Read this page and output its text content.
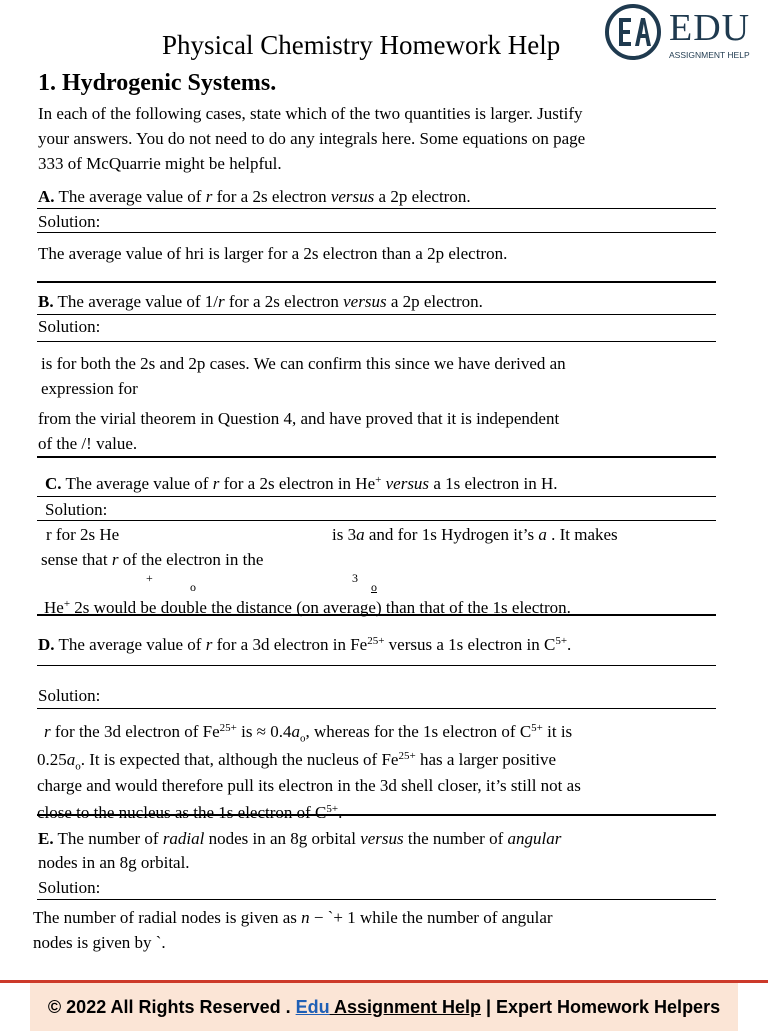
Physical Chemistry Homework Help	EDU
ASSIGNMENT HELP
1. Hydrogenic Systems.
In each of the following cases, state which of the two quantities is larger. Justify
your answers. You do not need to do any integrals here. Some equations on page
333 of McQuarrie might be helpful.
A. The average value of r for a 2s electron versus a 2p electron.
Solution:
The average value of hri is larger for a 2s electron than a 2p electron.
B. The average value of 1/r for a 2s electron versus a 2p electron.
Solution:
is for both the 2s and 2p cases. We can confirm this since we have derived an
expression for
from the virial theorem in Question 4, and have proved that it is independent
of the /! value.
C. The average value of r for a 2s electron in He+ versus a 1s electron in H.
Solution:
r for 2s He	is 3a and for 1s Hydrogen it’s a . It makes
sense that r of the electron in the
+
o
3
o
He+ 2s would be double the distance (on average) than that of the 1s electron.
D. The average value of r for a 3d electron in $Fe^{25+}$ versus a 1s electron in $C^{5+}$.
Solution:
r for the 3d electron of $Fe^{25+}$ is ≈ $0.4a_o$, whereas for the 1s electron of $C^{5+}$ it is
$0.25a_o$. It is expected that, although the nucleus of $Fe^{25+}$ has a larger positive
charge and would therefore pull its electron in the 3d shell closer, it’s still not as
close to the nucleus as the 1s electron of $C^{5+}$.
E. The number of radial nodes in an 8g orbital versus the number of angular
nodes in an 8g orbital.
Solution:
The number of radial nodes is given as n − `+ 1 while the number of angular
nodes is given by `.
© 2022 All Rights Reserved . Edu Assignment Help | Expert Homework Helpers
